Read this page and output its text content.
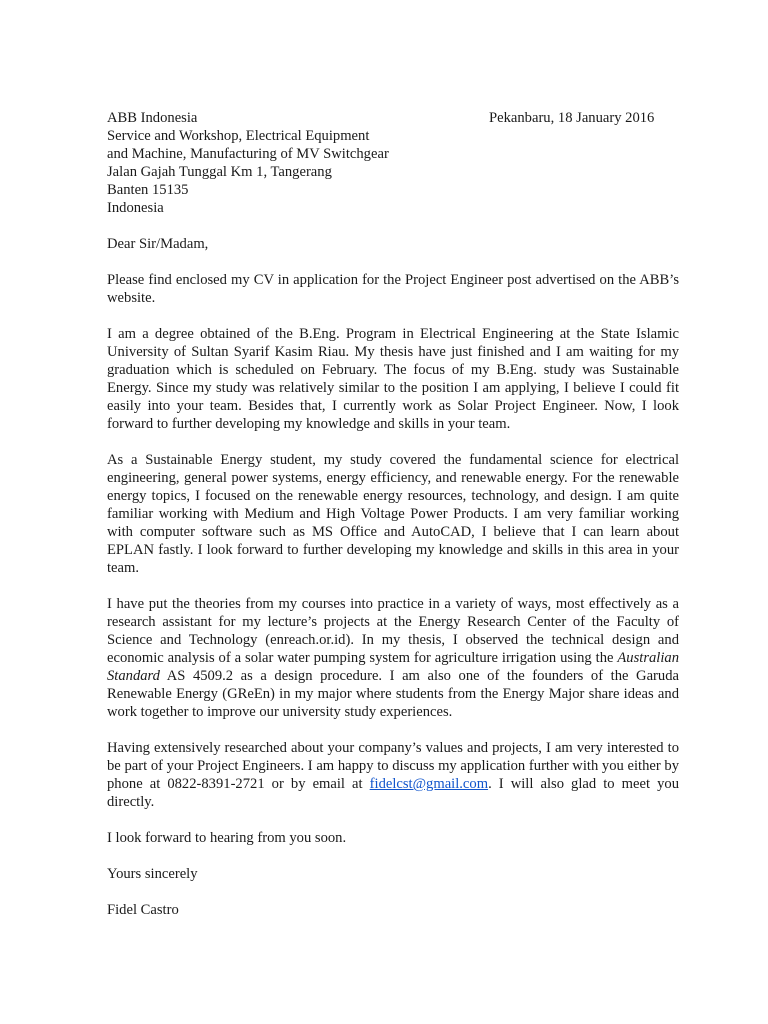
ABB Indonesia
Service and Workshop, Electrical Equipment
and Machine, Manufacturing of MV Switchgear
Jalan Gajah Tunggal Km 1, Tangerang
Banten 15135
Indonesia
Pekanbaru, 18 January 2016
Dear Sir/Madam,

Please find enclosed my CV in application for the Project Engineer post advertised on the ABB’s website.

I am a degree obtained of the B.Eng. Program in Electrical Engineering at the State Islamic University of Sultan Syarif Kasim Riau. My thesis have just finished and I am waiting for my graduation which is scheduled on February. The focus of my B.Eng. study was Sustainable Energy. Since my study was relatively similar to the position I am applying, I believe I could fit easily into your team. Besides that, I currently work as Solar Project Engineer. Now, I look forward to further developing my knowledge and skills in your team.

As a Sustainable Energy student, my study covered the fundamental science for electrical engineering, general power systems, energy efficiency, and renewable energy. For the renewable energy topics, I focused on the renewable energy resources, technology, and design. I am quite familiar working with Medium and High Voltage Power Products. I am very familiar working with computer software such as MS Office and AutoCAD, I believe that I can learn about EPLAN fastly. I look forward to further developing my knowledge and skills in this area in your team.

I have put the theories from my courses into practice in a variety of ways, most effectively as a research assistant for my lecture’s projects at the Energy Research Center of the Faculty of Science and Technology (enreach.or.id). In my thesis, I observed the technical design and economic analysis of a solar water pumping system for agriculture irrigation using the Australian Standard AS 4509.2 as a design procedure. I am also one of the founders of the Garuda Renewable Energy (GReEn) in my major where students from the Energy Major share ideas and work together to improve our university study experiences.

Having extensively researched about your company’s values and projects, I am very interested to be part of your Project Engineers. I am happy to discuss my application further with you either by phone at 0822-8391-2721 or by email at fidelcst@gmail.com. I will also glad to meet you directly.

I look forward to hearing from you soon.

Yours sincerely

Fidel Castro
